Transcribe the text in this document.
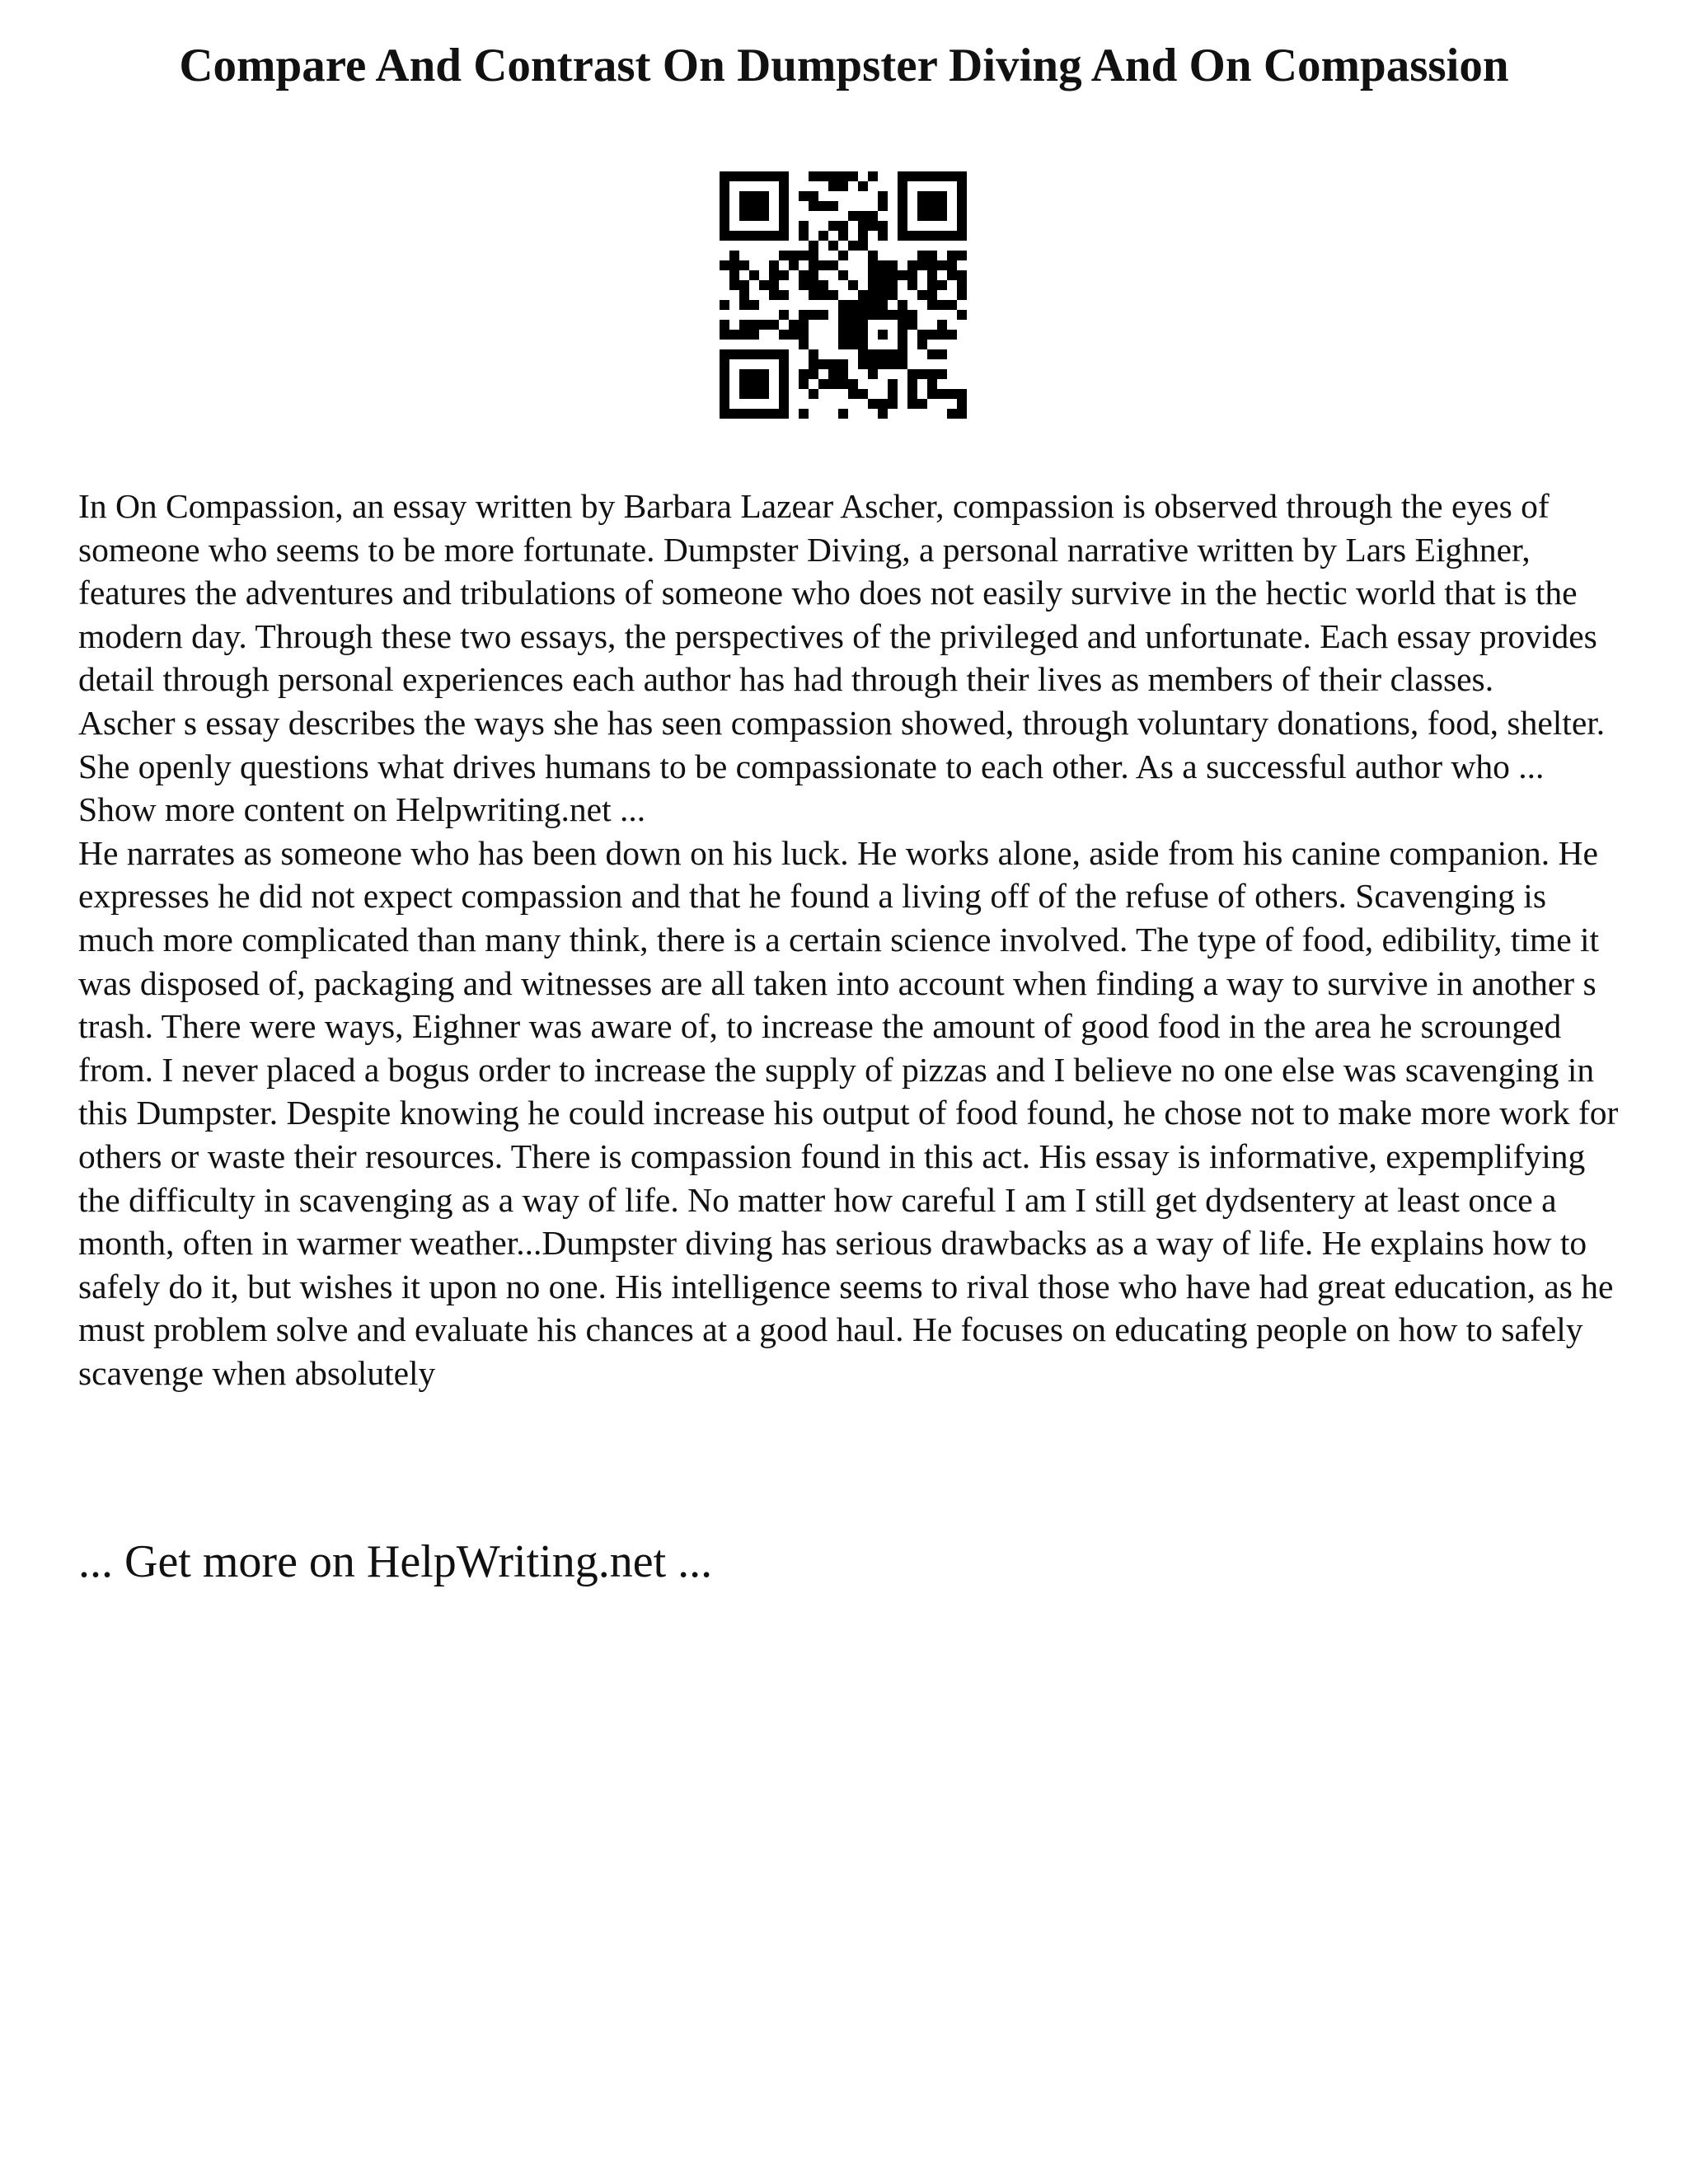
Compare And Contrast On Dumpster Diving And On Compassion

In On Compassion, an essay written by Barbara Lazear Ascher, compassion is observed through the eyes of someone who seems to be more fortunate. Dumpster Diving, a personal narrative written by Lars Eighner, features the adventures and tribulations of someone who does not easily survive in the hectic world that is the modern day. Through these two essays, the perspectives of the privileged and unfortunate. Each essay provides detail through personal experiences each author has had through their lives as members of their classes.

Ascher s essay describes the ways she has seen compassion showed, through voluntary donations, food, shelter. She openly questions what drives humans to be compassionate to each other. As a successful author who ... Show more content on Helpwriting.net ...

He narrates as someone who has been down on his luck. He works alone, aside from his canine companion. He expresses he did not expect compassion and that he found a living off of the refuse of others. Scavenging is much more complicated than many think, there is a certain science involved. The type of food, edibility, time it was disposed of, packaging and witnesses are all taken into account when finding a way to survive in another s trash. There were ways, Eighner was aware of, to increase the amount of good food in the area he scrounged from. I never placed a bogus order to increase the supply of pizzas and I believe no one else was scavenging in this Dumpster. Despite knowing he could increase his output of food found, he chose not to make more work for others or waste their resources. There is compassion found in this act. His essay is informative, expemplifying the difficulty in scavenging as a way of life. No matter how careful I am I still get dydsentery at least once a month, often in warmer weather...Dumpster diving has serious drawbacks as a way of life. He explains how to safely do it, but wishes it upon no one. His intelligence seems to rival those who have had great education, as he must problem solve and evaluate his chances at a good haul. He focuses on educating people on how to safely scavenge when absolutely

... Get more on HelpWriting.net ...
